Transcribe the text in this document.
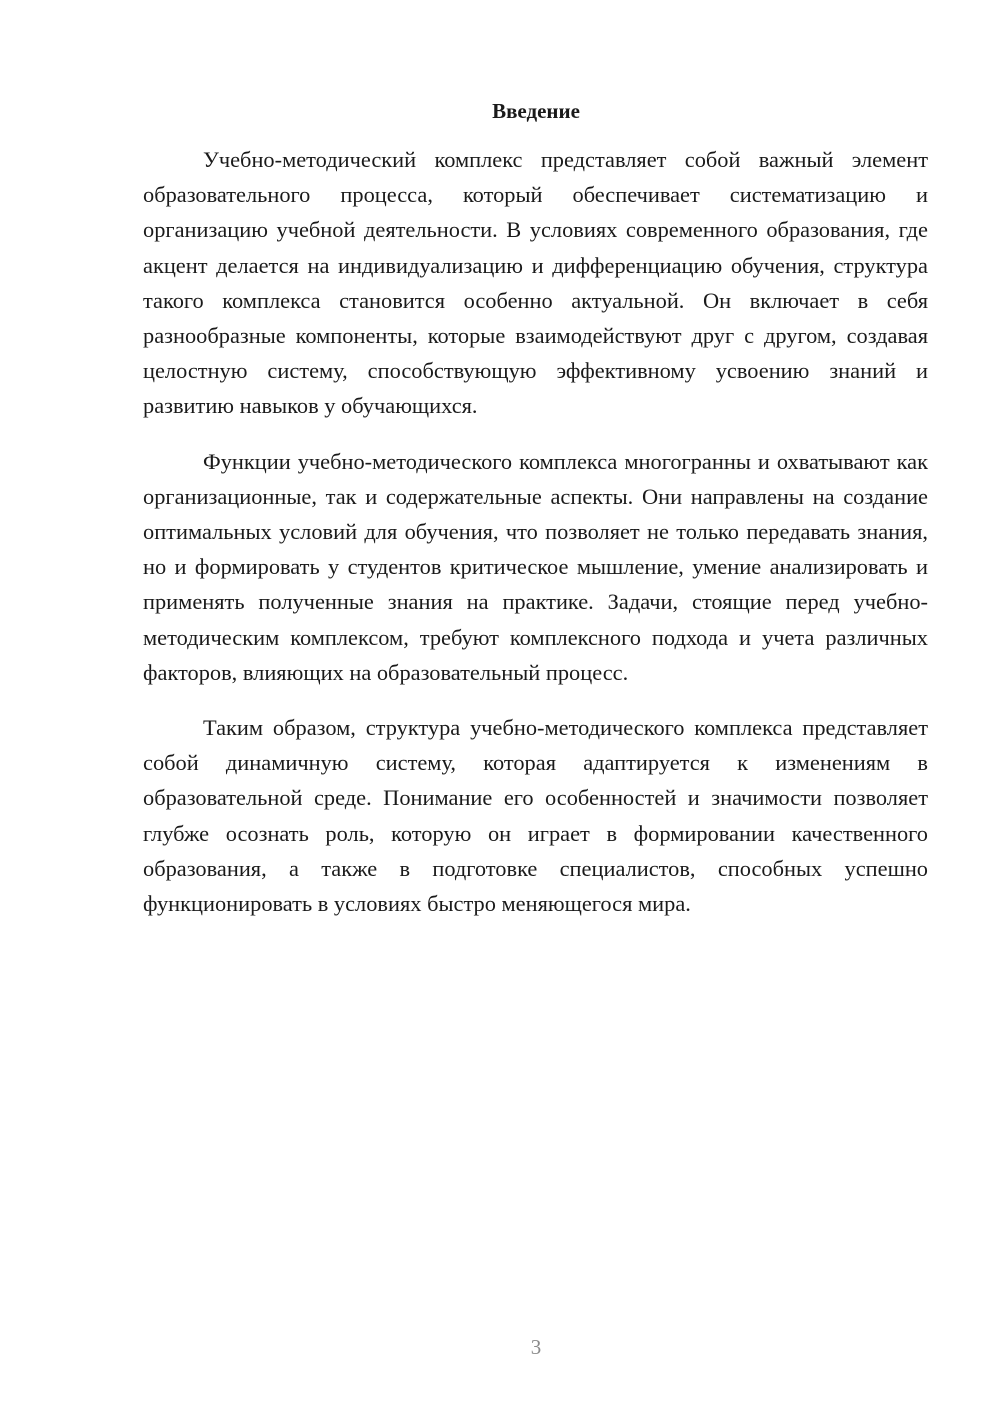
Введение

Учебно-методический комплекс представляет собой важный элемент образовательного процесса, который обеспечивает систематизацию и организацию учебной деятельности. В условиях современного образования, где акцент делается на индивидуализацию и дифференциацию обучения, структура такого комплекса становится особенно актуальной. Он включает в себя разнообразные компоненты, которые взаимодействуют друг с другом, создавая целостную систему, способствующую эффективному усвоению знаний и развитию навыков у обучающихся.

Функции учебно-методического комплекса многогранны и охватывают как организационные, так и содержательные аспекты. Они направлены на создание оптимальных условий для обучения, что позволяет не только передавать знания, но и формировать у студентов критическое мышление, умение анализировать и применять полученные знания на практике. Задачи, стоящие перед учебно-методическим комплексом, требуют комплексного подхода и учета различных факторов, влияющих на образовательный процесс.

Таким образом, структура учебно-методического комплекса представляет собой динамичную систему, которая адаптируется к изменениям в образовательной среде. Понимание его особенностей и значимости позволяет глубже осознать роль, которую он играет в формировании качественного образования, а также в подготовке специалистов, способных успешно функционировать в условиях быстро меняющегося мира.

3
